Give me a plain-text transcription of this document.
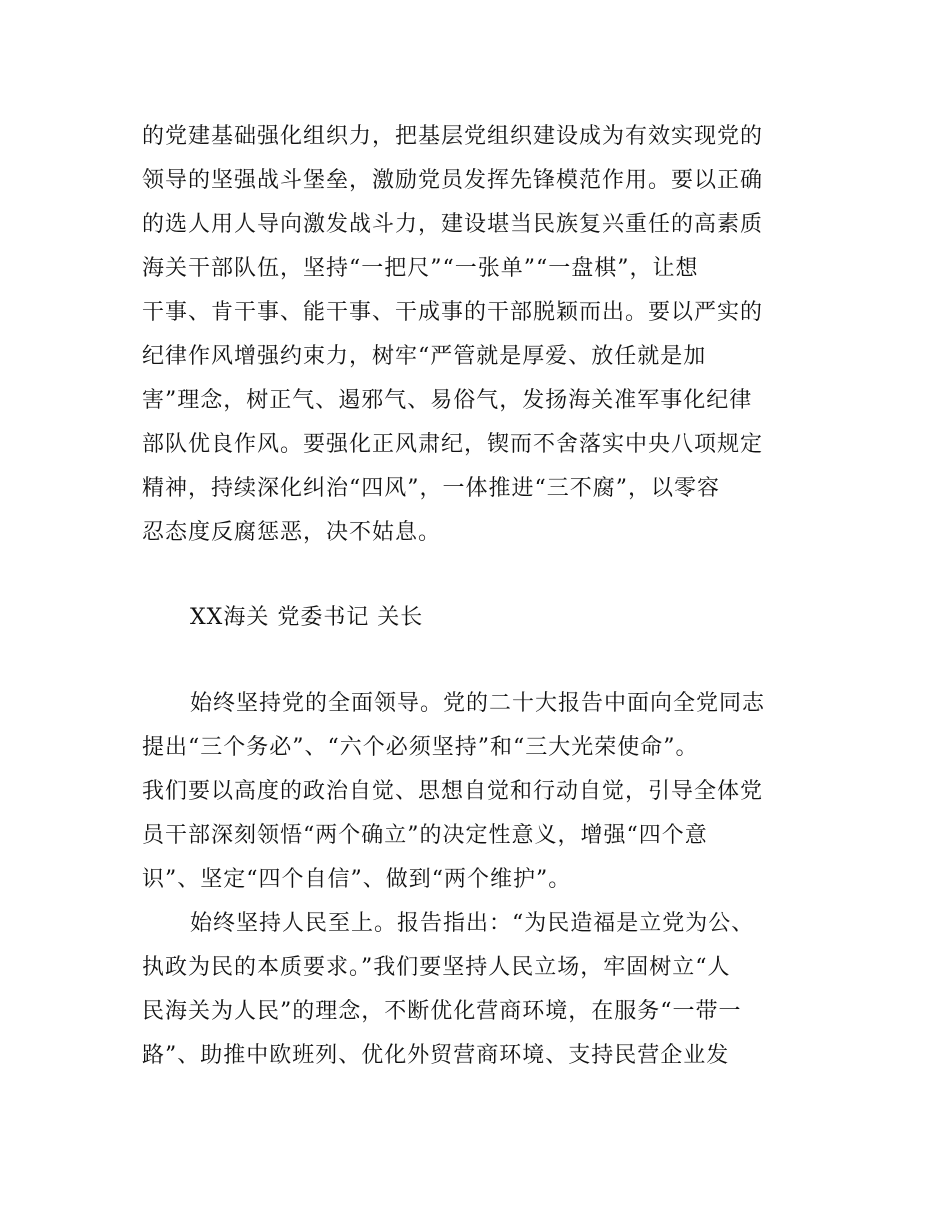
的党建基础强化组织力，把基层党组织建设成为有效实现党的
领导的坚强战斗堡垒，激励党员发挥先锋模范作用。要以正确
的选人用人导向激发战斗力，建设堪当民族复兴重任的高素质
海关干部队伍，坚持“一把尺”“一张单”“一盘棋”，让想
干事、肯干事、能干事、干成事的干部脱颖而出。要以严实的
纪律作风增强约束力，树牢“严管就是厚爱、放任就是加
害”理念，树正气、遏邪气、易俗气，发扬海关准军事化纪律
部队优良作风。要强化正风肃纪，锲而不舍落实中央八项规定
精神，持续深化纠治“四风”，一体推进“三不腐”，以零容
忍态度反腐惩恶，决不姑息。
XX海关 党委书记 关长
始终坚持党的全面领导。党的二十大报告中面向全党同志
提出“三个务必”、“六个必须坚持”和“三大光荣使命”。
我们要以高度的政治自觉、思想自觉和行动自觉，引导全体党
员干部深刻领悟“两个确立”的决定性意义，增强“四个意
识”、坚定“四个自信”、做到“两个维护”。
始终坚持人民至上。报告指出：“为民造福是立党为公、
执政为民的本质要求。”我们要坚持人民立场，牢固树立“人
民海关为人民”的理念，不断优化营商环境，在服务“一带一
路”、助推中欧班列、优化外贸营商环境、支持民营企业发
